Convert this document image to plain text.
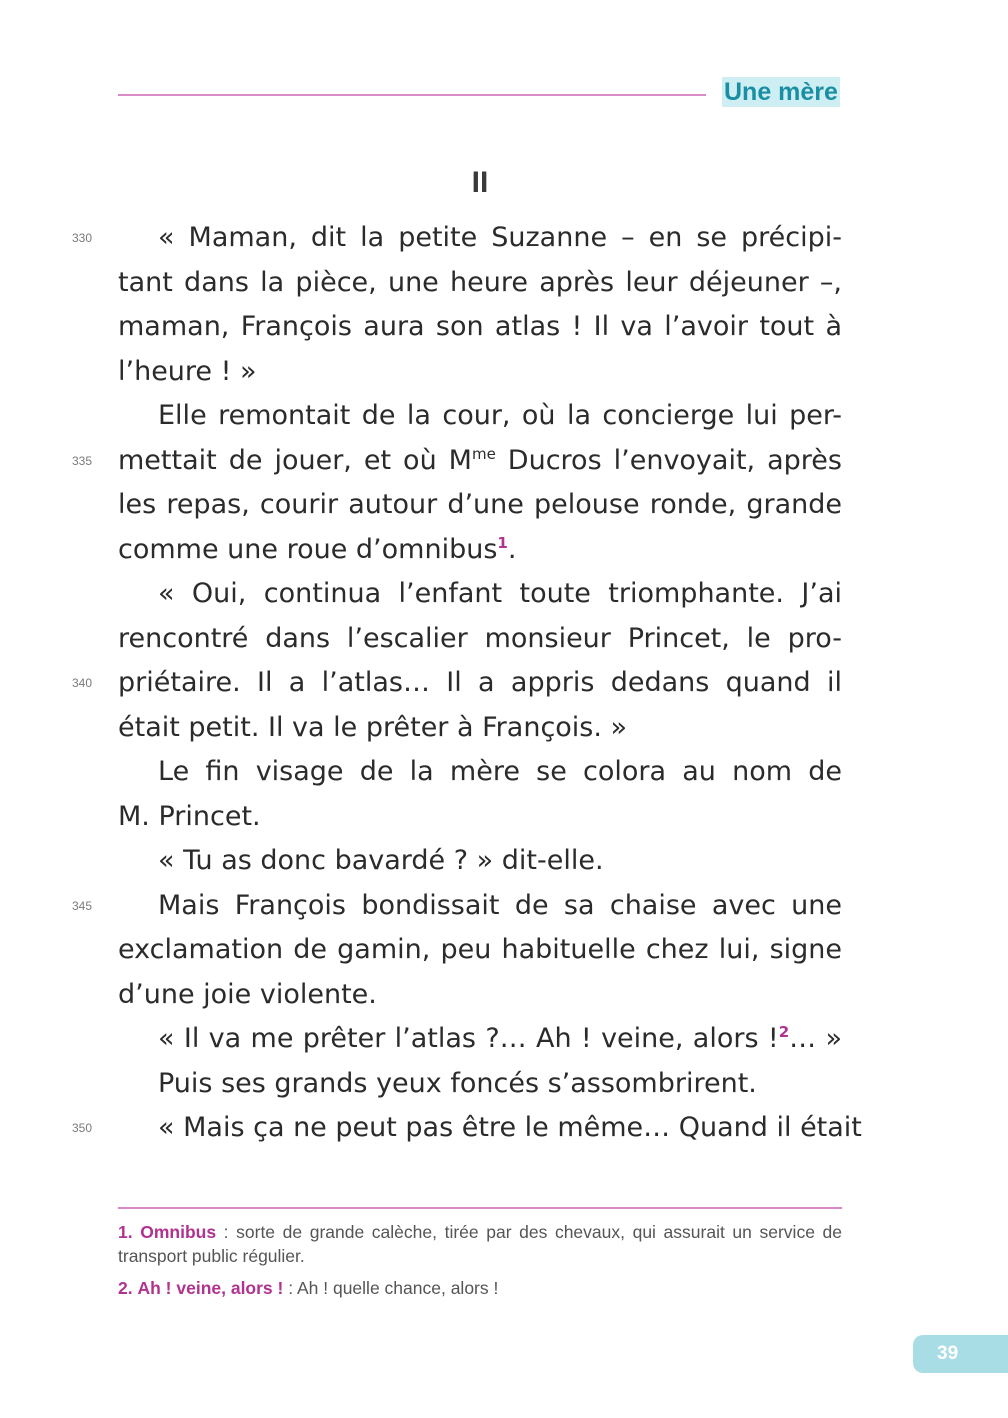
Une mère
II
330 « Maman, dit la petite Suzanne – en se précipi-
tant dans la pièce, une heure après leur déjeuner –,
maman, François aura son atlas ! Il va l’avoir tout à
l’heure ! »
Elle remontait de la cour, où la concierge lui per-
335 mettait de jouer, et où $M^{me}$ Ducros l’envoyait, après
les repas, courir autour d’une pelouse ronde, grande
comme une roue d’omnibus$^1$.
« Oui, continua l’enfant toute triomphante. J’ai
rencontré dans l’escalier monsieur Princet, le pro-
340 priétaire. Il a l’atlas… Il a appris dedans quand il
était petit. Il va le prêter à François. »
Le fin visage de la mère se colora au nom de
M. Princet.
« Tu as donc bavardé ? » dit-elle.
345 Mais François bondissait de sa chaise avec une
exclamation de gamin, peu habituelle chez lui, signe
d’une joie violente.
« Il va me prêter l’atlas ?… Ah ! veine, alors !$^2$… »
Puis ses grands yeux foncés s’assombrirent.
350 « Mais ça ne peut pas être le même… Quand il était
1. Omnibus : sorte de grande calèche, tirée par des chevaux, qui assurait un service de transport public régulier.
2. Ah ! veine, alors ! : Ah ! quelle chance, alors !
39
